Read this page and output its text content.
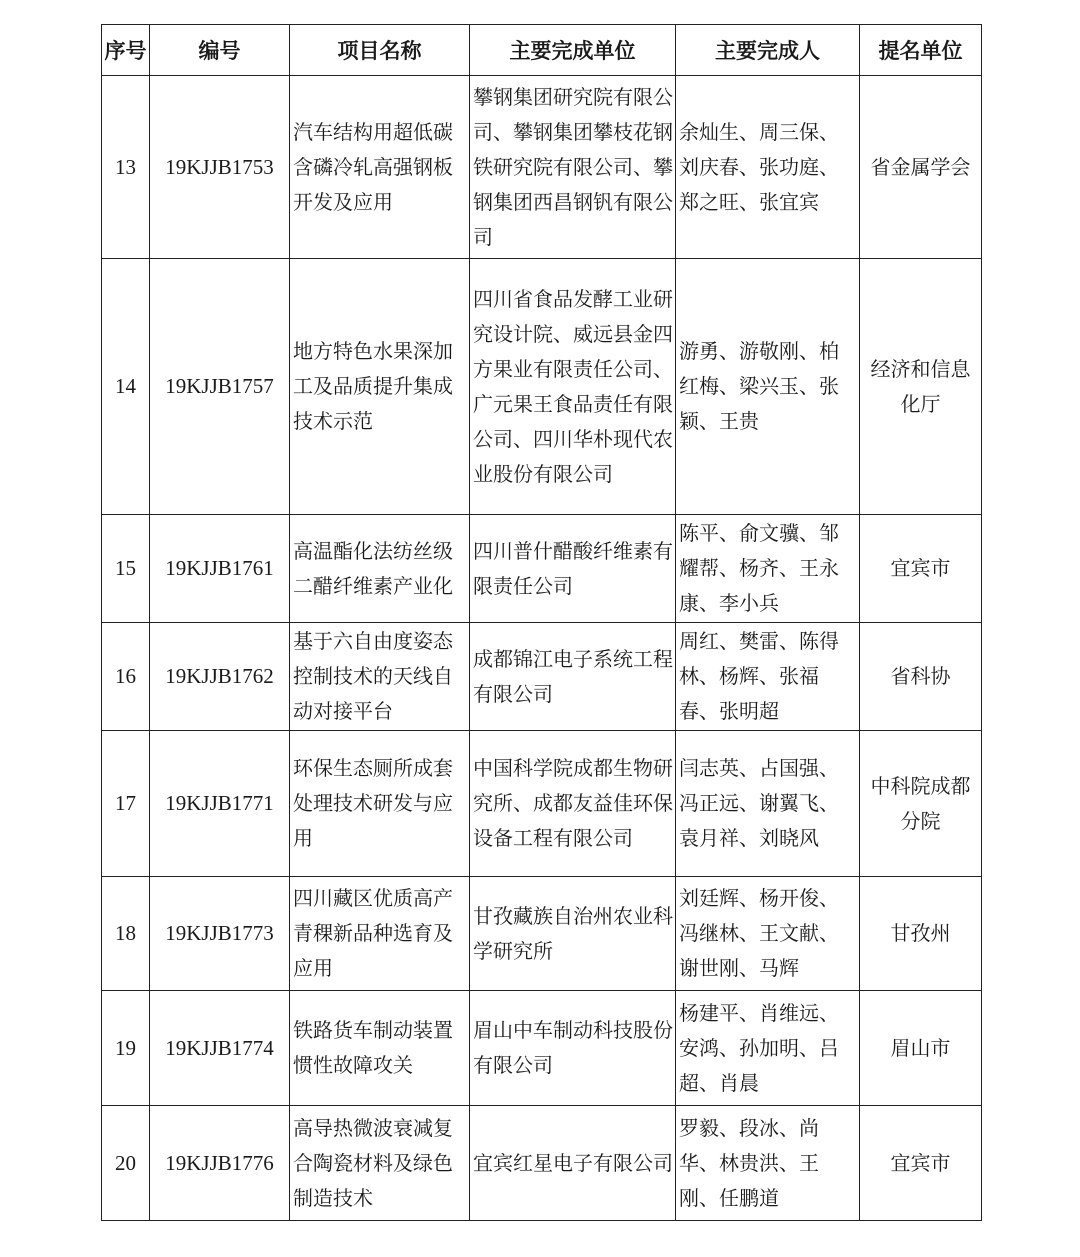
序号	编号	项目名称	主要完成单位	主要完成人	提名单位
13	19KJJB1753	汽车结构用超低碳含磷冷轧高强钢板开发及应用	攀钢集团研究院有限公司、攀钢集团攀枝花钢铁研究院有限公司、攀钢集团西昌钢钒有限公司	余灿生、周三保、刘庆春、张功庭、郑之旺、张宜宾	省金属学会
14	19KJJB1757	地方特色水果深加工及品质提升集成技术示范	四川省食品发酵工业研究设计院、威远县金四方果业有限责任公司、广元果王食品责任有限公司、四川华朴现代农业股份有限公司	游勇、游敬刚、柏红梅、梁兴玉、张颖、王贵	经济和信息化厅
15	19KJJB1761	高温酯化法纺丝级二醋纤维素产业化	四川普什醋酸纤维素有限责任公司	陈平、俞文骥、邹耀帮、杨齐、王永康、李小兵	宜宾市
16	19KJJB1762	基于六自由度姿态控制技术的天线自动对接平台	成都锦江电子系统工程有限公司	周红、樊雷、陈得林、杨辉、张福春、张明超	省科协
17	19KJJB1771	环保生态厕所成套处理技术研发与应用	中国科学院成都生物研究所、成都友益佳环保设备工程有限公司	闫志英、占国强、冯正远、谢翼飞、袁月祥、刘晓风	中科院成都分院
18	19KJJB1773	四川藏区优质高产青稞新品种选育及应用	甘孜藏族自治州农业科学研究所	刘廷辉、杨开俊、冯继林、王文献、谢世刚、马辉	甘孜州
19	19KJJB1774	铁路货车制动装置惯性故障攻关	眉山中车制动科技股份有限公司	杨建平、肖维远、安鸿、孙加明、吕超、肖晨	眉山市
20	19KJJB1776	高导热微波衰减复合陶瓷材料及绿色制造技术	宜宾红星电子有限公司	罗毅、段冰、尚华、林贵洪、王刚、任鹏道	宜宾市
